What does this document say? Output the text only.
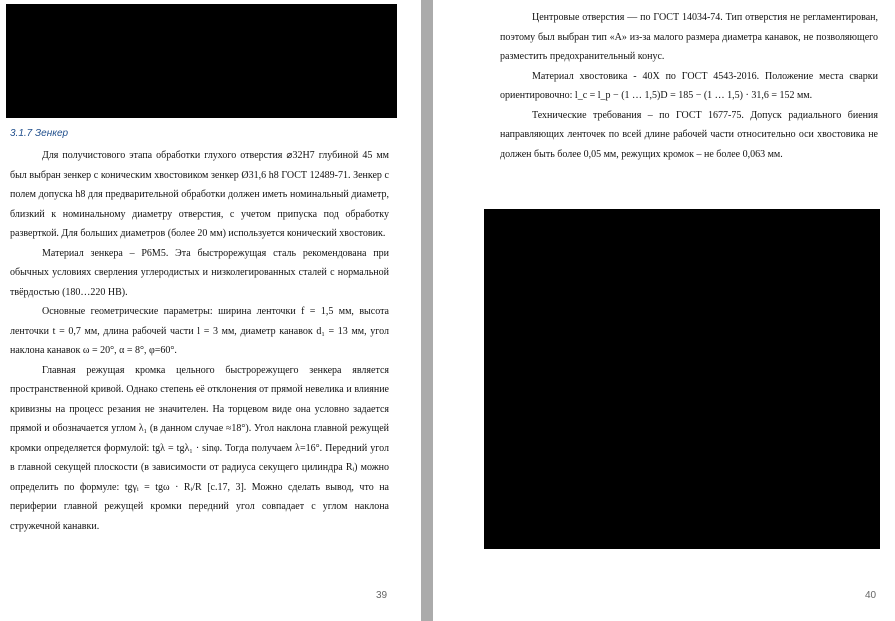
3.1.7 Зенкер

Для получистового этапа обработки глухого отверстия ⌀32Н7 глубиной 45 мм был выбран зенкер с коническим хвостовиком зенкер Ø31,6 h8 ГОСТ 12489-71. Зенкер с полем допуска h8 для предварительной обработки должен иметь номинальный диаметр, близкий к номинальному диаметру отверстия, с учетом припуска под обработку разверткой. Для больших диаметров (более 20 мм) используется конический хвостовик.

Материал зенкера – Р6М5. Эта быстрорежущая сталь рекомендована при обычных условиях сверления углеродистых и низколегированных сталей с нормальной твёрдостью (180…220 НВ).

Основные геометрические параметры: ширина ленточки f = 1,5 мм, высота ленточки t = 0,7 мм, длина рабочей части l = 3 мм, диаметр канавок d₁ = 13 мм, угол наклона канавок ω = 20°, α = 8°, φ=60°.

Главная режущая кромка цельного быстрорежущего зенкера является пространственной кривой. Однако степень её отклонения от прямой невелика и влияние кривизны на процесс резания не значителен. На торцевом виде она условно задается прямой и обозначается углом λ₁ (в данном случае ≈18°). Угол наклона главной режущей кромки определяется формулой: tgλ = tgλ₁ · sinφ. Тогда получаем λ=16°. Передний угол в главной секущей плоскости (в зависимости от радиуса секущего цилиндра Rᵢ) можно определить по формуле: tgγᵢ = tgω · Rᵢ/R [с.17, 3]. Можно сделать вывод, что на периферии главной режущей кромки передний угол совпадает с углом наклона стружечной канавки.

39

Центровые отверстия — по ГОСТ 14034-74. Тип отверстия не регламентирован, поэтому был выбран тип «А» из-за малого размера диаметра канавок, не позволяющего разместить предохранительный конус.

Материал хвостовика - 40Х по ГОСТ 4543-2016. Положение места сварки ориентировочно: l_c = l_p − (1 … 1,5)D = 185 − (1 … 1,5) · 31,6 = 152 мм.

Технические требования – по ГОСТ 1677-75. Допуск радиального биения направляющих ленточек по всей длине рабочей части относительно оси хвостовика не должен быть более 0,05 мм, режущих кромок – не более 0,063 мм.

40
